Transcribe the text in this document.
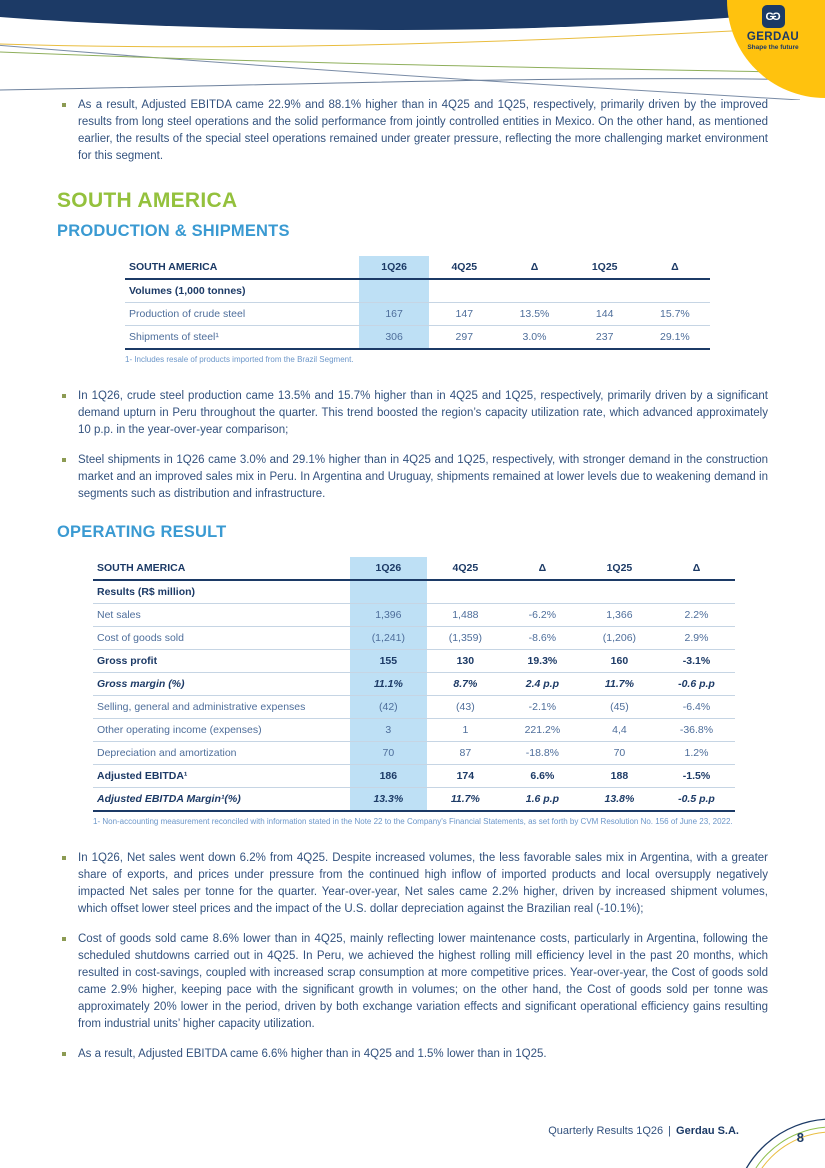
G G
GERDAU
Shape the future
As a result, Adjusted EBITDA came 22.9% and 88.1% higher than in 4Q25 and 1Q25, respectively, primarily driven by the improved results from long steel operations and the solid performance from jointly controlled entities in Mexico. On the other hand, as mentioned earlier, the results of the special steel operations remained under greater pressure, reflecting the more challenging market environment for this segment.
SOUTH AMERICA
PRODUCTION & SHIPMENTS
SOUTH AMERICA	1Q26	4Q25	Δ	1Q25	Δ
Volumes (1,000 tonnes)					
Production of crude steel	167	147	13.5%	144	15.7%
Shipments of steel¹	306	297	3.0%	237	29.1%
1- Includes resale of products imported from the Brazil Segment.
In 1Q26, crude steel production came 13.5% and 15.7% higher than in 4Q25 and 1Q25, respectively, primarily driven by a significant demand upturn in Peru throughout the quarter. This trend boosted the region’s capacity utilization rate, which advanced approximately 10 p.p. in the year-over-year comparison;
Steel shipments in 1Q26 came 3.0% and 29.1% higher than in 4Q25 and 1Q25, respectively, with stronger demand in the construction market and an improved sales mix in Peru. In Argentina and Uruguay, shipments remained at lower levels due to weakening demand in segments such as distribution and infrastructure.
OPERATING RESULT
SOUTH AMERICA	1Q26	4Q25	Δ	1Q25	Δ
Results (R$ million)					
Net sales	1,396	1,488	-6.2%	1,366	2.2%
Cost of goods sold	(1,241)	(1,359)	-8.6%	(1,206)	2.9%
Gross profit	155	130	19.3%	160	-3.1%
Gross margin (%)	11.1%	8.7%	2.4 p.p	11.7%	-0.6 p.p
Selling, general and administrative expenses	(42)	(43)	-2.1%	(45)	-6.4%
Other operating income (expenses)	3	1	221.2%	4,4	-36.8%
Depreciation and amortization	70	87	-18.8%	70	1.2%
Adjusted EBITDA¹	186	174	6.6%	188	-1.5%
Adjusted EBITDA Margin¹(%)	13.3%	11.7%	1.6 p.p	13.8%	-0.5 p.p
1- Non-accounting measurement reconciled with information stated in the Note 22 to the Company's Financial Statements, as set forth by CVM Resolution No. 156 of June 23, 2022.
In 1Q26, Net sales went down 6.2% from 4Q25. Despite increased volumes, the less favorable sales mix in Argentina, with a greater share of exports, and prices under pressure from the continued high inflow of imported products and local oversupply negatively impacted Net sales per tonne for the quarter. Year-over-year, Net sales came 2.2% higher, driven by increased shipment volumes, which offset lower steel prices and the impact of the U.S. dollar depreciation against the Brazilian real (-10.1%);
Cost of goods sold came 8.6% lower than in 4Q25, mainly reflecting lower maintenance costs, particularly in Argentina, following the scheduled shutdowns carried out in 4Q25. In Peru, we achieved the highest rolling mill efficiency level in the past 20 months, which resulted in cost-savings, coupled with increased scrap consumption at more competitive prices. Year-over-year, the Cost of goods sold came 2.9% higher, keeping pace with the significant growth in volumes; on the other hand, the Cost of goods sold per tonne was approximately 20% lower in the period, driven by both exchange variation effects and significant operational efficiency gains resulting from industrial units’ higher capacity utilization.
As a result, Adjusted EBITDA came 6.6% higher than in 4Q25 and 1.5% lower than in 1Q25.
Quarterly Results 1Q26 | Gerdau S.A.	8
